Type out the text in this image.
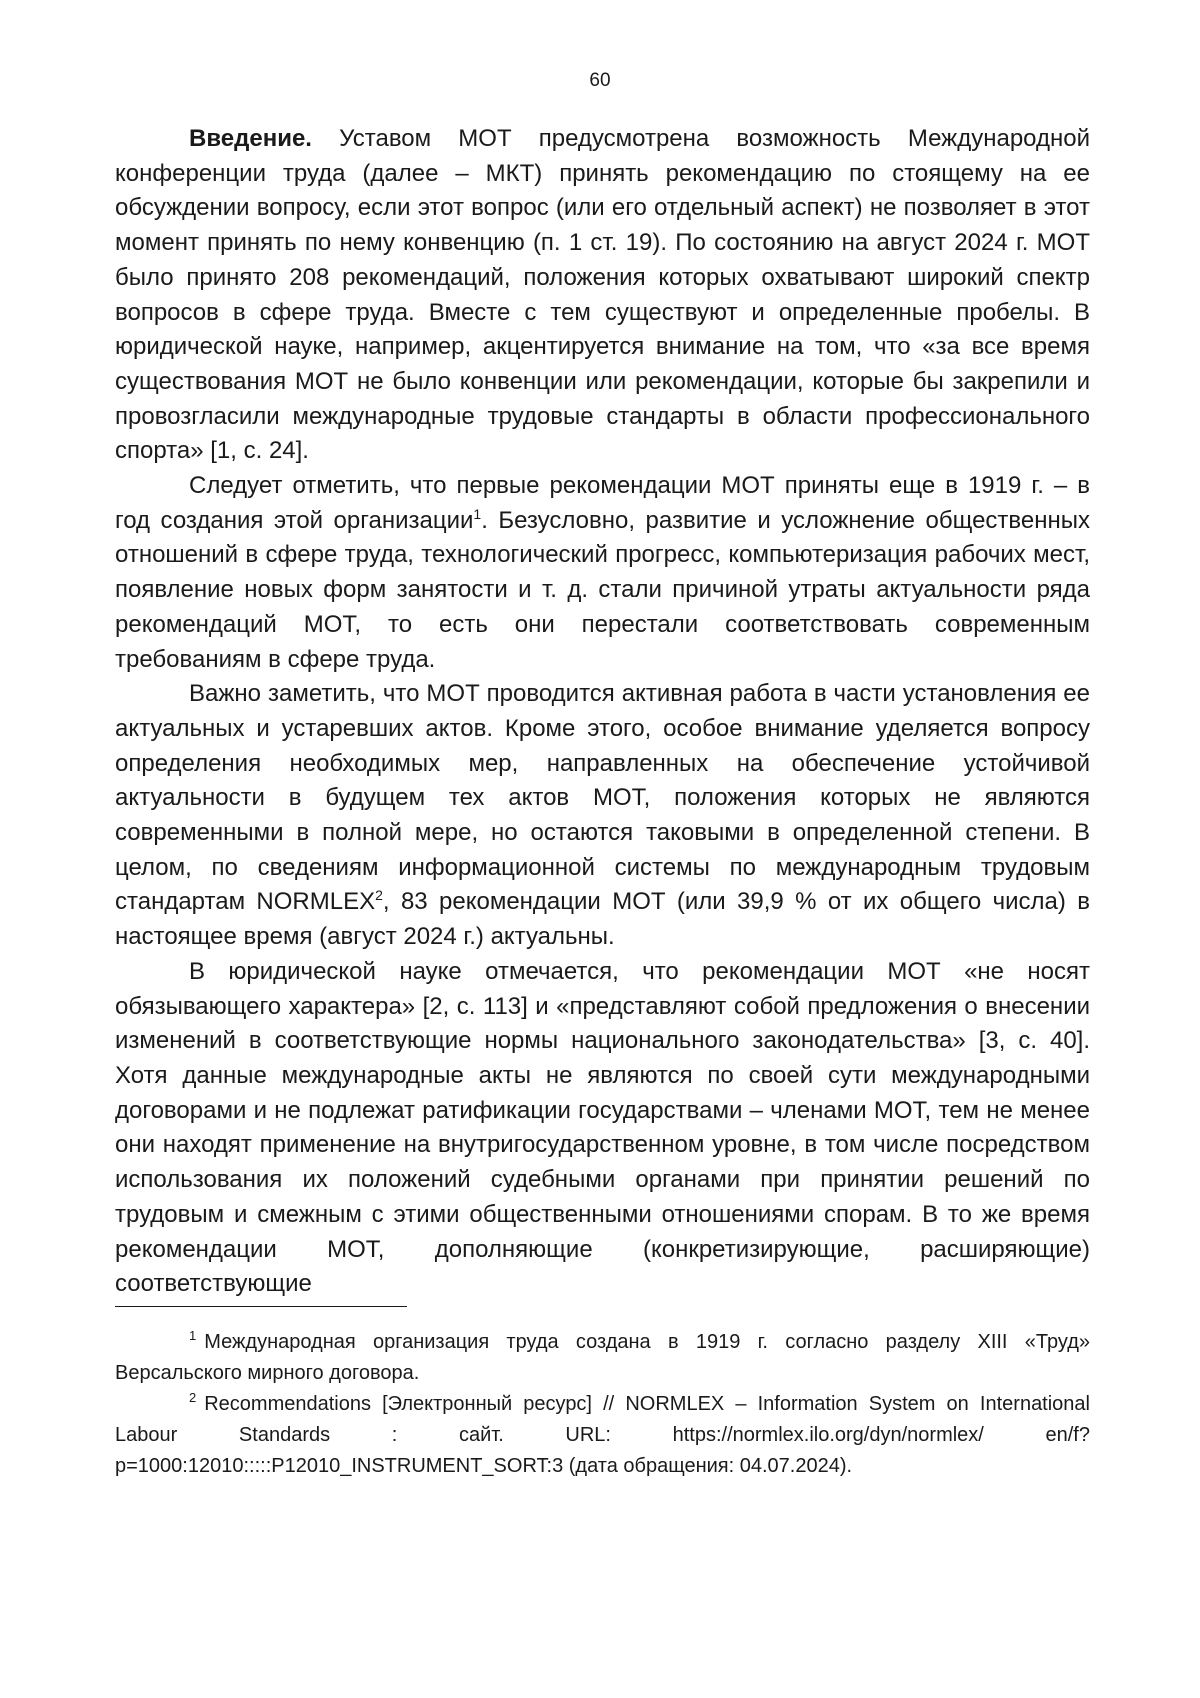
60

Введение. Уставом МОТ предусмотрена возможность Международной конференции труда (далее – МКТ) принять рекомендацию по стоящему на ее обсуждении вопросу, если этот вопрос (или его отдельный аспект) не позволяет в этот момент принять по нему конвенцию (п. 1 ст. 19). По состоянию на август 2024 г. МОТ было принято 208 рекомендаций, положения которых охватывают широкий спектр вопросов в сфере труда. Вместе с тем существуют и определенные пробелы. В юридической науке, например, акцентируется внимание на том, что «за все время существования МОТ не было конвенции или рекомендации, которые бы закрепили и провозгласили международные трудовые стандарты в области профессионального спорта» [1, с. 24].

Следует отметить, что первые рекомендации МОТ приняты еще в 1919 г. – в год создания этой организации$^1$. Безусловно, развитие и усложнение общественных отношений в сфере труда, технологический прогресс, компьютеризация рабочих мест, появление новых форм занятости и т. д. стали причиной утраты актуальности ряда рекомендаций МОТ, то есть они перестали соответствовать современным требованиям в сфере труда.

Важно заметить, что МОТ проводится активная работа в части установления ее актуальных и устаревших актов. Кроме этого, особое внимание уделяется вопросу определения необходимых мер, направленных на обеспечение устойчивой актуальности в будущем тех актов МОТ, положения которых не являются современными в полной мере, но остаются таковыми в определенной степени. В целом, по сведениям информационной системы по международным трудовым стандартам NORMLEX$^2$, 83 рекомендации МОТ (или 39,9 % от их общего числа) в настоящее время (август 2024 г.) актуальны.

В юридической науке отмечается, что рекомендации МОТ «не носят обязывающего характера» [2, с. 113] и «представляют собой предложения о внесении изменений в соответствующие нормы национального законодательства» [3, с. 40]. Хотя данные международные акты не являются по своей сути международными договорами и не подлежат ратификации государствами – членами МОТ, тем не менее они находят применение на внутригосударственном уровне, в том числе посредством использования их положений судебными органами при принятии решений по трудовым и смежным с этими общественными отношениями спорам. В то же время рекомендации МОТ, дополняющие (конкретизирующие, расширяющие) соответствующие

$^1$ Международная организация труда создана в 1919 г. согласно разделу XIII «Труд» Версальского мирного договора.

$^2$ Recommendations [Электронный ресурс] // NORMLEX – Information System on International Labour Standards : сайт. URL: https://normlex.ilo.org/dyn/normlex/ en/f?p=1000:12010:::::P12010_INSTRUMENT_SORT:3 (дата обращения: 04.07.2024).
